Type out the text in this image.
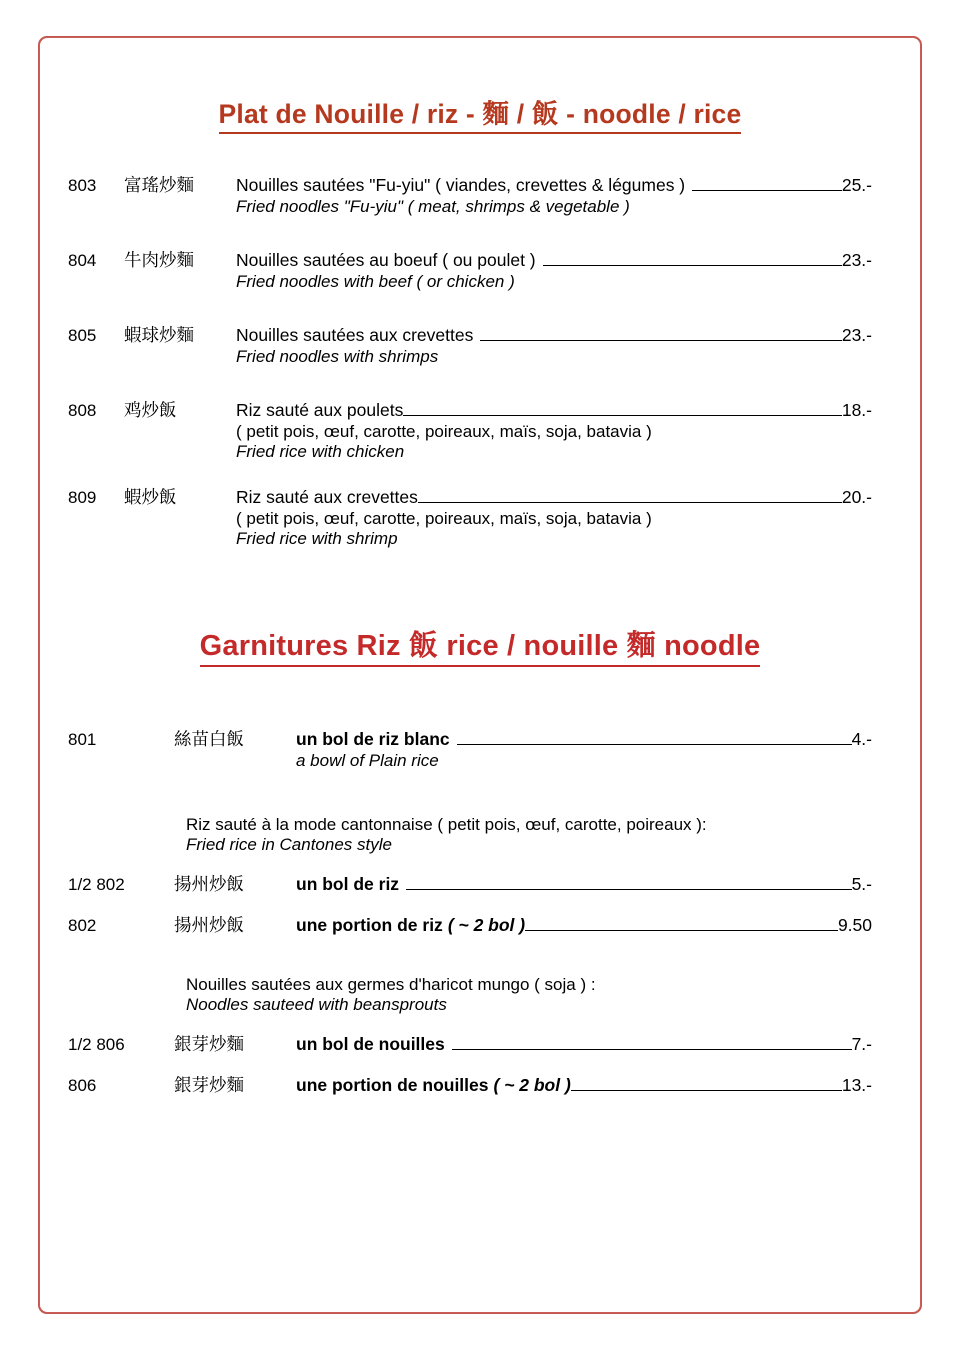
Plat de Nouille / riz - 麵 / 飯 - noodle / rice
803	富瑤炒麵	Nouilles sautées "Fu-yiu" ( viandes, crevettes & légumes )	25.-
Fried noodles "Fu-yiu" ( meat, shrimps & vegetable )
804	牛肉炒麵	Nouilles sautées au boeuf ( ou poulet )	23.-
Fried noodles with beef ( or chicken )
805	蝦球炒麵	Nouilles sautées aux crevettes	23.-
Fried noodles with shrimps
808	鸡炒飯	Riz sauté aux poulets	18.-
( petit pois, œuf, carotte, poireaux, maïs, soja, batavia )
Fried rice with chicken
809	蝦炒飯	Riz sauté aux crevettes	20.-
( petit pois, œuf, carotte, poireaux, maïs, soja, batavia )
Fried rice with shrimp
Garnitures Riz 飯 rice / nouille 麵 noodle
801	絲苗白飯	un bol de riz blanc	4.-
a bowl of Plain rice
Riz sauté à la mode cantonnaise ( petit pois, œuf, carotte, poireaux ):
Fried rice in Cantones style
1/2 802	揚州炒飯	un bol de riz	5.-
802	揚州炒飯	une portion de riz ( ~ 2 bol )	9.50
Nouilles sautées aux germes d'haricot mungo ( soja ) :
Noodles sauteed with beansprouts
1/2 806	銀芽炒麵	un bol de nouilles	7.-
806	銀芽炒麵	une portion de nouilles ( ~ 2 bol )	13.-
